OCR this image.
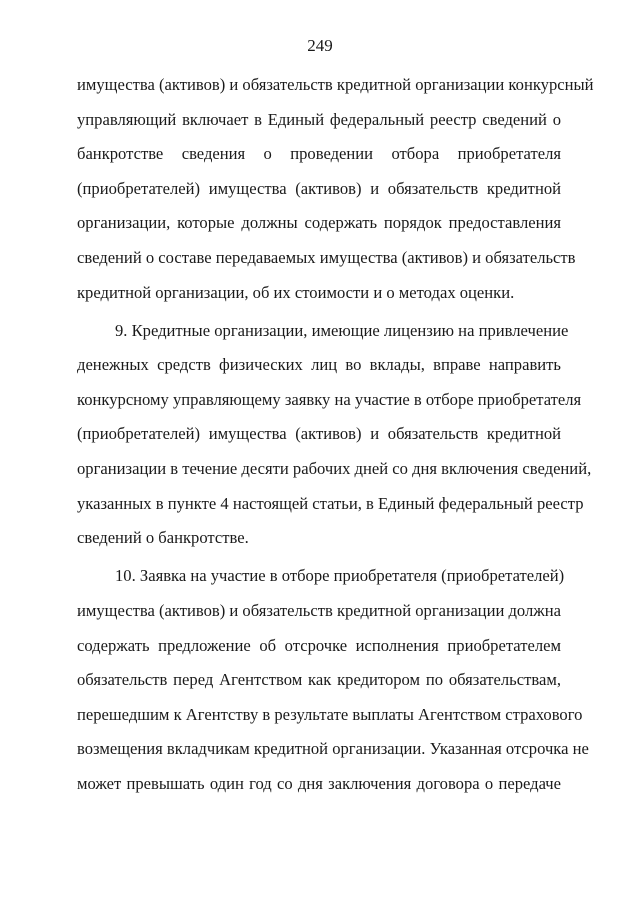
249
имущества (активов) и обязательств кредитной организации конкурсный
управляющий включает в Единый федеральный реестр сведений о
банкротстве сведения о проведении отбора приобретателя
(приобретателей) имущества (активов) и обязательств кредитной
организации, которые должны содержать порядок предоставления
сведений о составе передаваемых имущества (активов) и обязательств
кредитной организации, об их стоимости и о методах оценки.
9. Кредитные организации, имеющие лицензию на привлечение
денежных средств физических лиц во вклады, вправе направить
конкурсному управляющему заявку на участие в отборе приобретателя
(приобретателей) имущества (активов) и обязательств кредитной
организации в течение десяти рабочих дней со дня включения сведений,
указанных в пункте 4 настоящей статьи, в Единый федеральный реестр
сведений о банкротстве.
10. Заявка на участие в отборе приобретателя (приобретателей)
имущества (активов) и обязательств кредитной организации должна
содержать предложение об отсрочке исполнения приобретателем
обязательств перед Агентством как кредитором по обязательствам,
перешедшим к Агентству в результате выплаты Агентством страхового
возмещения вкладчикам кредитной организации. Указанная отсрочка не
может превышать один год со дня заключения договора о передаче
